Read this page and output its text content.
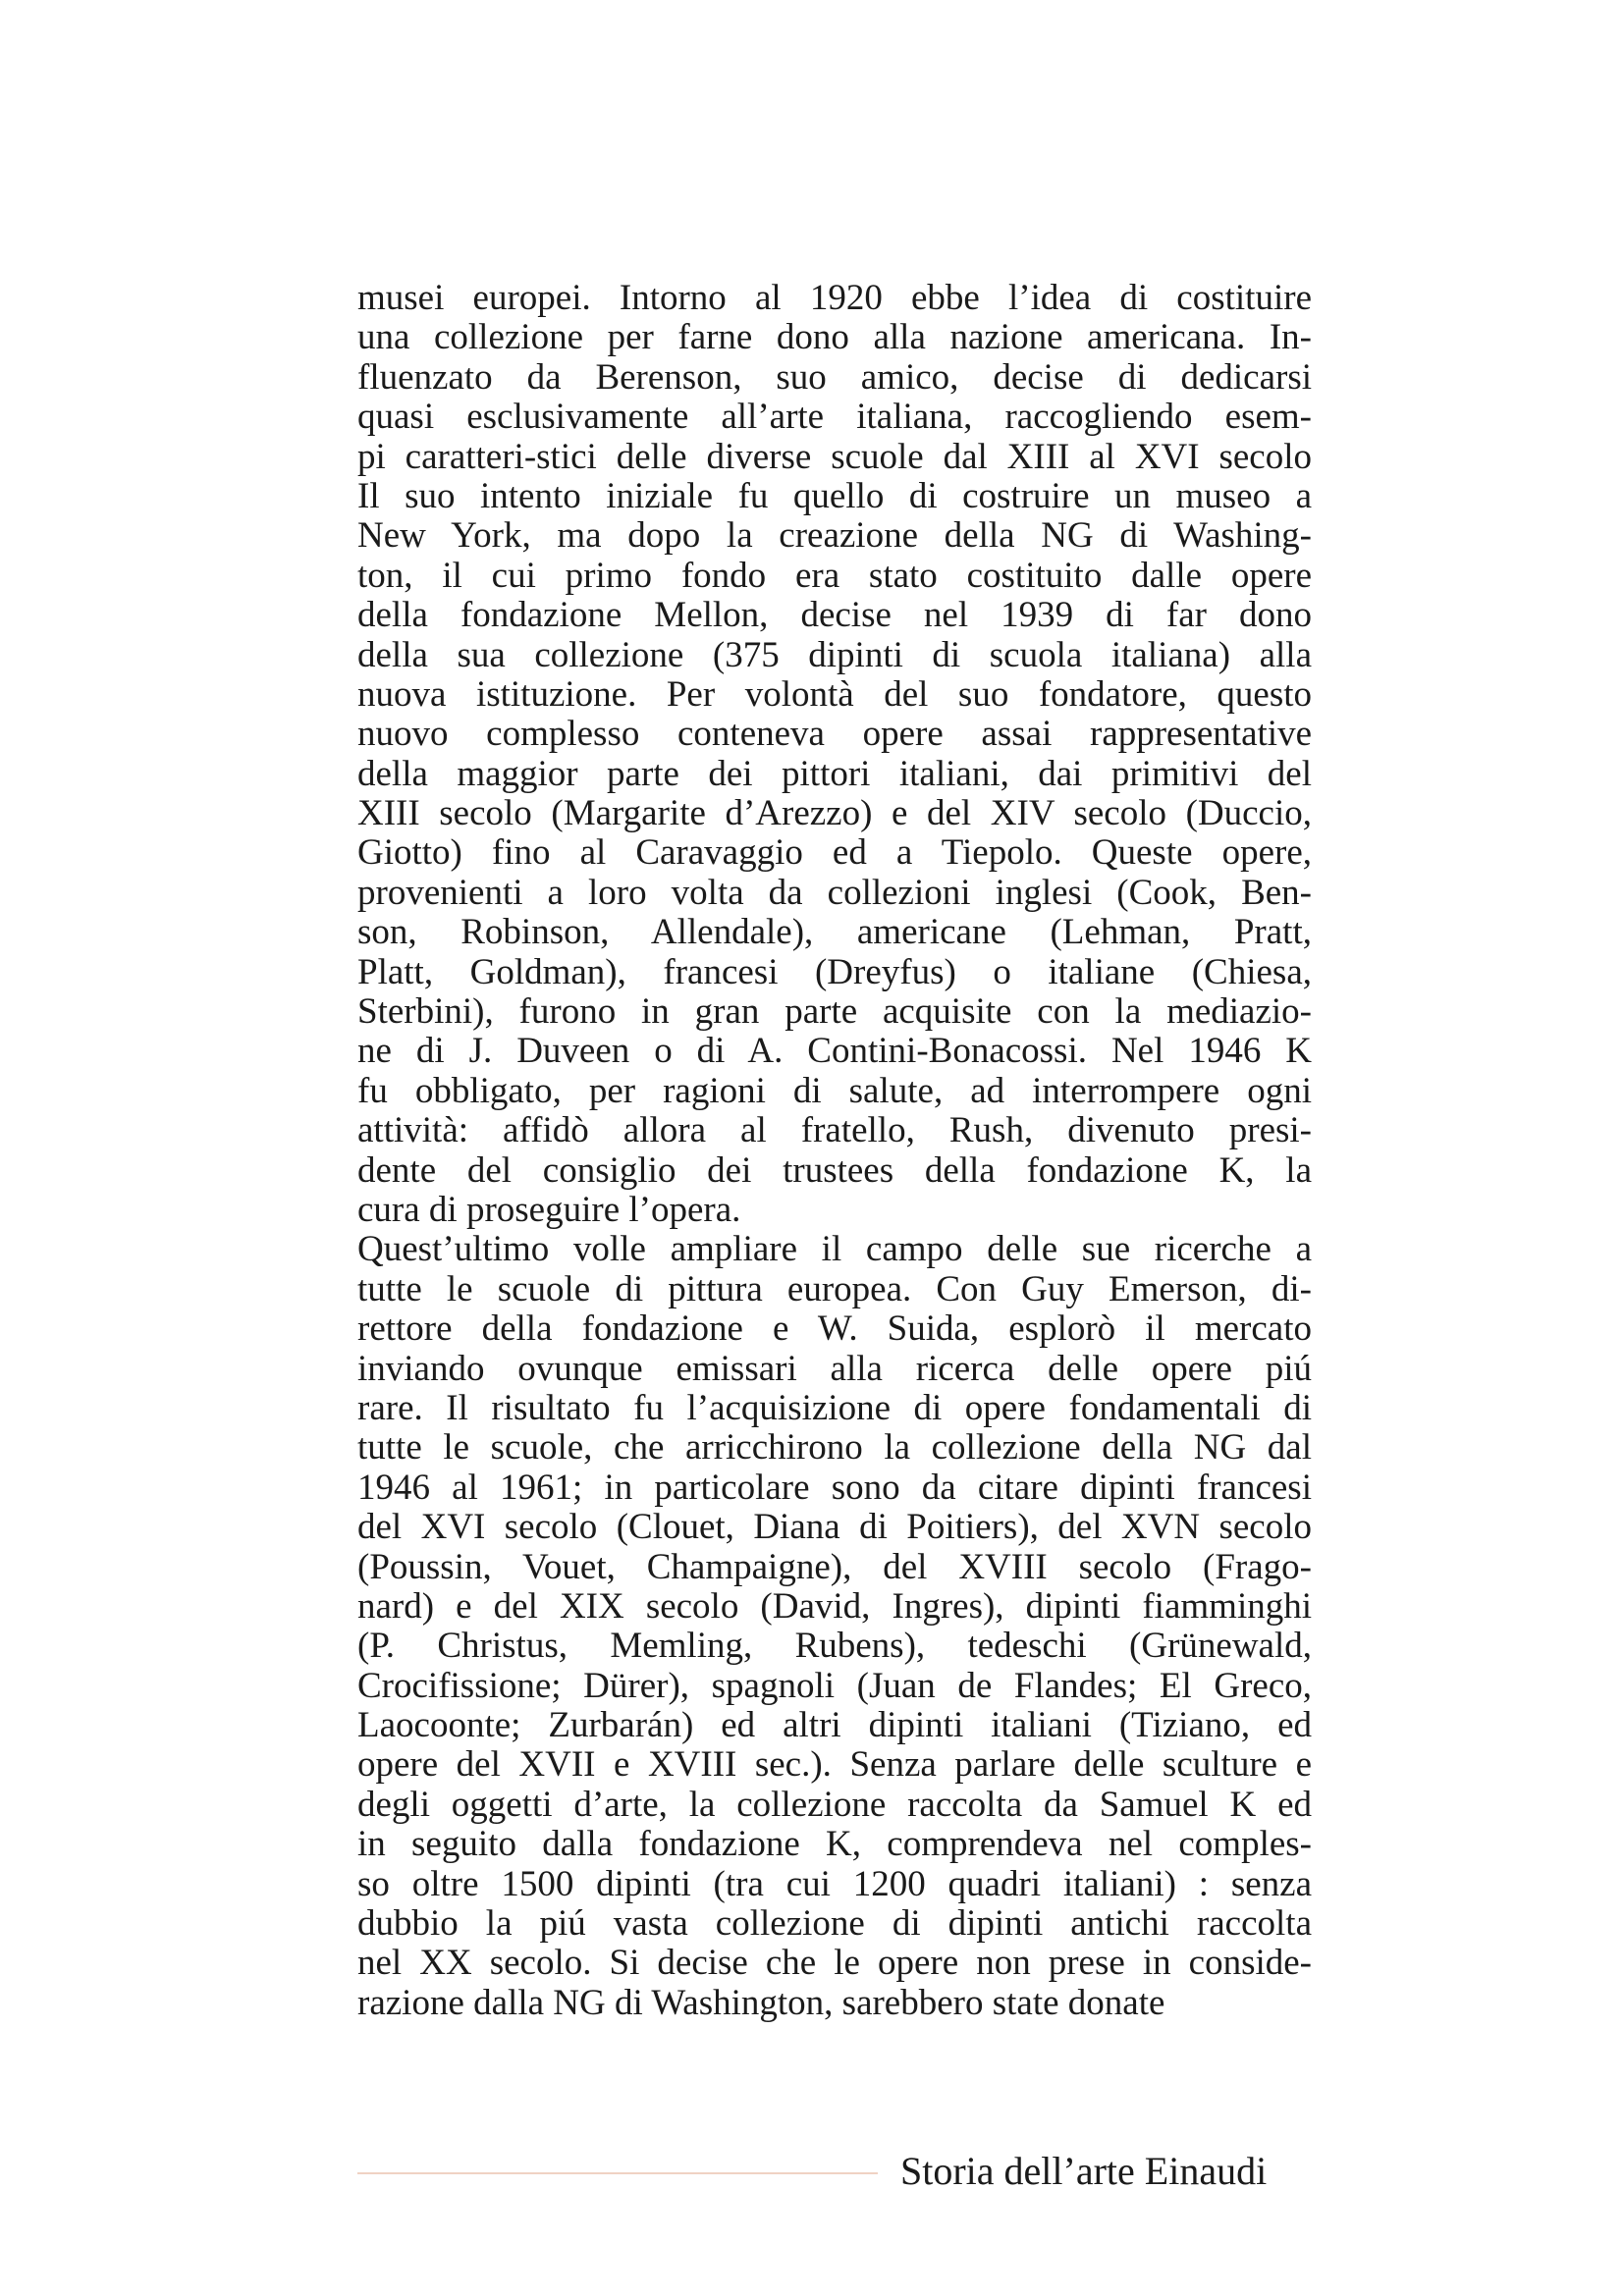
musei europei. Intorno al 1920 ebbe l’idea di costituire
una collezione per farne dono alla nazione americana. In-
fluenzato da Berenson, suo amico, decise di dedicarsi
quasi esclusivamente all’arte italiana, raccogliendo esem-
pi caratteri-stici delle diverse scuole dal XIII al XVI secolo
Il suo intento iniziale fu quello di costruire un museo a
New York, ma dopo la creazione della NG di Washing-
ton, il cui primo fondo era stato costituito dalle opere
della fondazione Mellon, decise nel 1939 di far dono
della sua collezione (375 dipinti di scuola italiana) alla
nuova istituzione. Per volontà del suo fondatore, questo
nuovo complesso conteneva opere assai rappresentative
della maggior parte dei pittori italiani, dai primitivi del
XIII secolo (Margarite d’Arezzo) e del XIV secolo (Duccio,
Giotto) fino al Caravaggio ed a Tiepolo. Queste opere,
provenienti a loro volta da collezioni inglesi (Cook, Ben-
son, Robinson, Allendale), americane (Lehman, Pratt,
Platt, Goldman), francesi (Dreyfus) o italiane (Chiesa,
Sterbini), furono in gran parte acquisite con la mediazio-
ne di J. Duveen o di A. Contini-Bonacossi. Nel 1946 K
fu obbligato, per ragioni di salute, ad interrompere ogni
attività: affidò allora al fratello, Rush, divenuto presi-
dente del consiglio dei trustees della fondazione K, la
cura di proseguire l’opera.
Quest’ultimo volle ampliare il campo delle sue ricerche a
tutte le scuole di pittura europea. Con Guy Emerson, di-
rettore della fondazione e W. Suida, esplorò il mercato
inviando ovunque emissari alla ricerca delle opere piú
rare. Il risultato fu l’acquisizione di opere fondamentali di
tutte le scuole, che arricchirono la collezione della NG dal
1946 al 1961; in particolare sono da citare dipinti francesi
del XVI secolo (Clouet, Diana di Poitiers), del XVN secolo
(Poussin, Vouet, Champaigne), del XVIII secolo (Frago-
nard) e del XIX secolo (David, Ingres), dipinti fiamminghi
(P. Christus, Memling, Rubens), tedeschi (Grünewald,
Crocifissione; Dürer), spagnoli (Juan de Flandes; El Greco,
Laocoonte; Zurbarán) ed altri dipinti italiani (Tiziano, ed
opere del XVII e XVIII sec.). Senza parlare delle sculture e
degli oggetti d’arte, la collezione raccolta da Samuel K ed
in seguito dalla fondazione K, comprendeva nel comples-
so oltre 1500 dipinti (tra cui 1200 quadri italiani) : senza
dubbio la piú vasta collezione di dipinti antichi raccolta
nel XX secolo. Si decise che le opere non prese in conside-
razione dalla NG di Washington, sarebbero state donate
Storia dell’arte Einaudi
